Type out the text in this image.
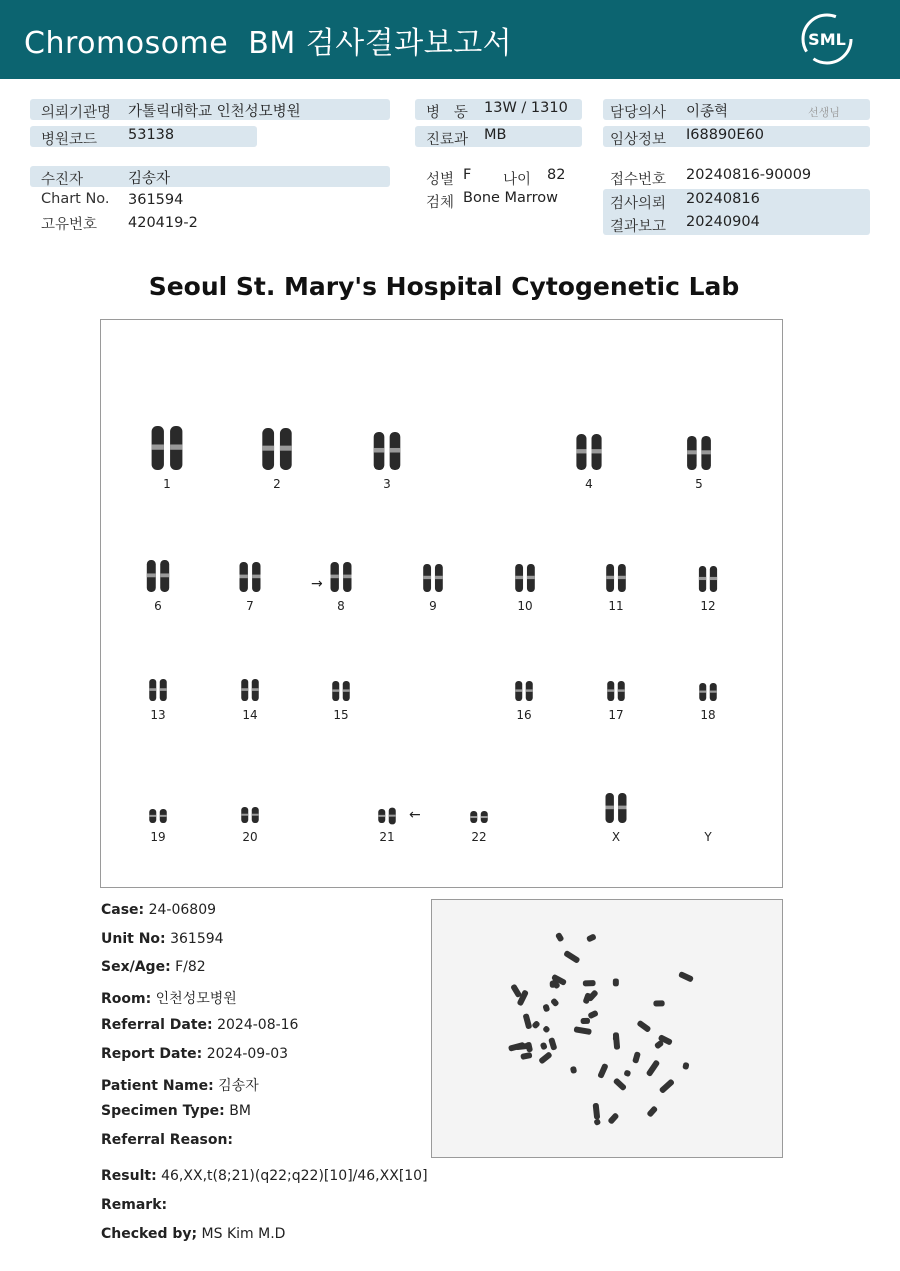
Chromosome  BM 검사결과보고서	SML
의뢰기관명 가톨릭대학교 인천성모병원
병원코드 53138
수진자	김송자
Chart No. 361594
고유번호 420419-2
병   동 13W / 1310
진료과 MB
성별 F 나이 82
검체 Bone Marrow
담당의사 이종혁	선생님
임상정보 I68890E60
접수번호 20240816-90009
검사의뢰 20240816
결과보고 20240904
Seoul St. Mary's Hospital Cytogenetic Lab
1	2	3	4	5
6	7	8	9	10	11	12
13	14	15	16	17	18
19	20	21	22	X	Y
→
←
Case: 24-06809
Unit No: 361594
Sex/Age: F/82
Room: 인천성모병원
Referral Date: 2024-08-16
Report Date: 2024-09-03
Patient Name: 김송자
Specimen Type: BM
Referral Reason:
Result: 46,XX,t(8;21)(q22;q22)[10]/46,XX[10]
Remark:
Checked by; MS Kim M.D
